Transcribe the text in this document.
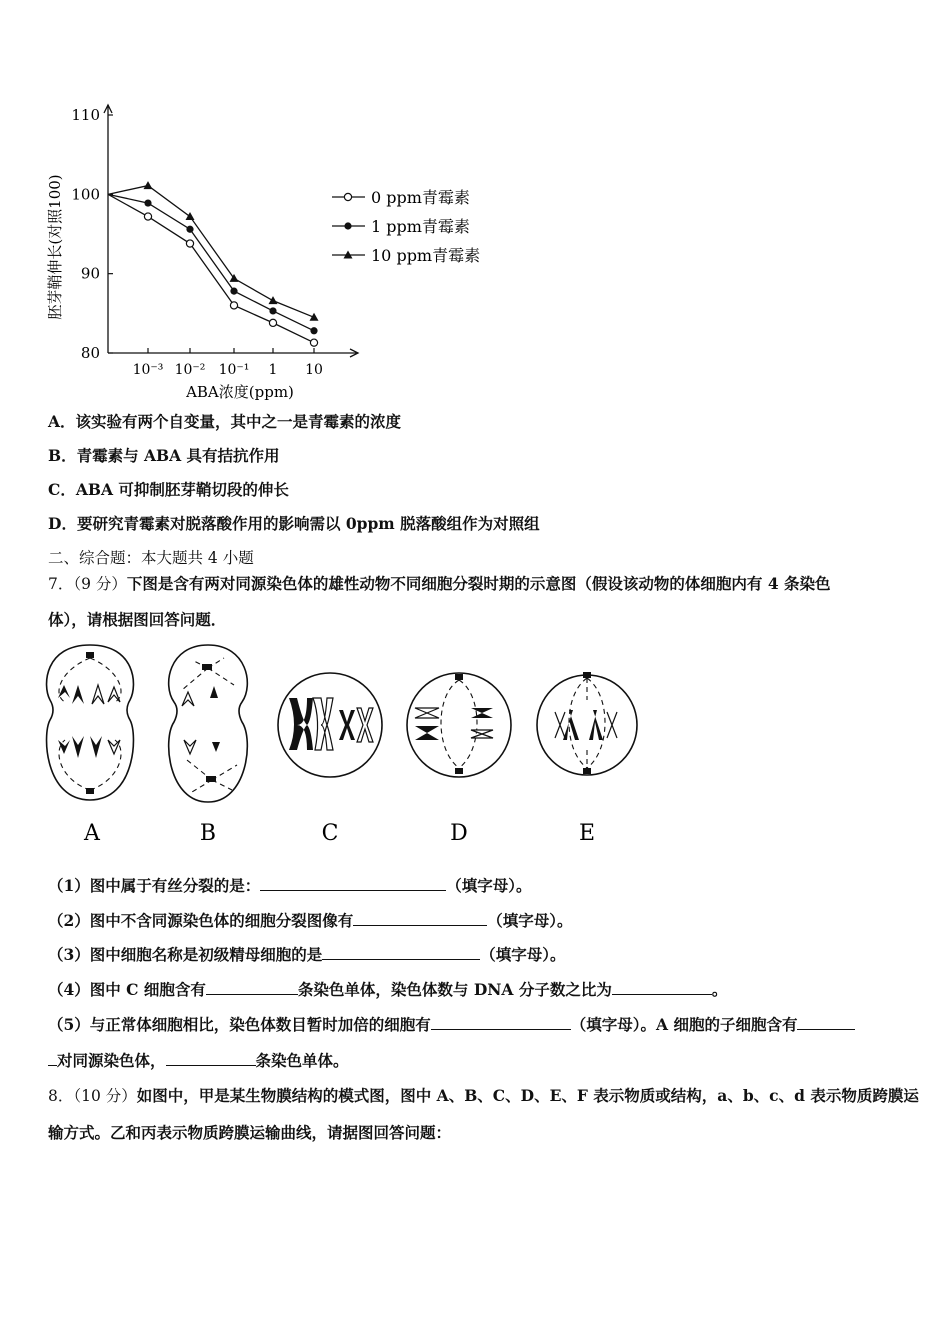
80
90
100
110
10⁻³ 10⁻² 10⁻¹ 1 10
ABA浓度(ppm)
胚芽鞘伸长(对照100)	0 ppm青霉素
1 ppm青霉素
10 ppm青霉素
A．该实验有两个自变量，其中之一是青霉素的浓度
B．青霉素与 ABA 具有拮抗作用
C．ABA 可抑制胚芽鞘切段的伸长
D．要研究青霉素对脱落酸作用的影响需以 0ppm 脱落酸组作为对照组
二、综合题：本大题共 4 小题
7．（9 分）下图是含有两对同源染色体的雄性动物不同细胞分裂时期的示意图（假设该动物的体细胞内有 4 条染色
体），请根据图回答问题．
A	B	C	D	E
（1）图中属于有丝分裂的是：	（填字母）。
（2）图中不含同源染色体的细胞分裂图像有	（填字母）。
（3）图中细胞名称是初级精母细胞的是	（填字母）。
（4）图中 C 细胞含有	条染色单体，染色体数与 DNA 分子数之比为	。
（5）与正常体细胞相比，染色体数目暂时加倍的细胞有	（填字母）。A 细胞的子细胞含有
对同源染色体，	条染色单体。
8．（10 分）如图中，甲是某生物膜结构的模式图，图中 A、B、C、D、E、F 表示物质或结构，a、b、c、d 表示物质跨膜运
输方式。乙和丙表示物质跨膜运输曲线，请据图回答问题：
